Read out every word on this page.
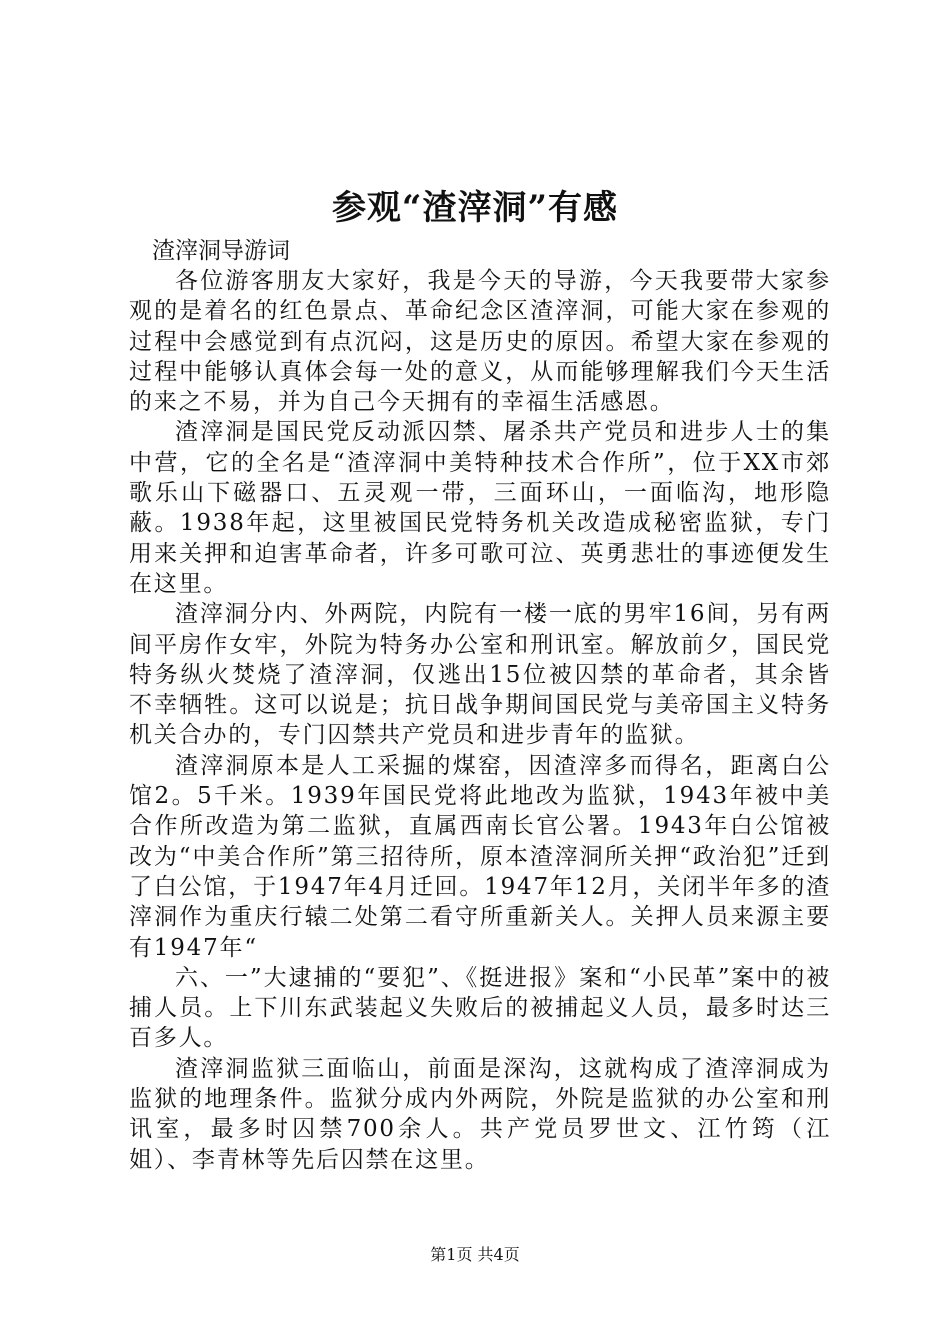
参观“渣滓洞”有感

渣滓洞导游词

各位游客朋友大家好，我是今天的导游，今天我要带大家参观的是着名的红色景点、革命纪念区渣滓洞，可能大家在参观的过程中会感觉到有点沉闷，这是历史的原因。希望大家在参观的过程中能够认真体会每一处的意义，从而能够理解我们今天生活的来之不易，并为自己今天拥有的幸福生活感恩。

渣滓洞是国民党反动派囚禁、屠杀共产党员和进步人士的集中营，它的全名是“渣滓洞中美特种技术合作所”，位于XX市郊歌乐山下磁器口、五灵观一带，三面环山，一面临沟，地形隐蔽。1938年起，这里被国民党特务机关改造成秘密监狱，专门用来关押和迫害革命者，许多可歌可泣、英勇悲壮的事迹便发生在这里。

渣滓洞分内、外两院，内院有一楼一底的男牢16间，另有两间平房作女牢，外院为特务办公室和刑讯室。解放前夕，国民党特务纵火焚烧了渣滓洞，仅逃出15位被囚禁的革命者，其余皆不幸牺牲。这可以说是；抗日战争期间国民党与美帝国主义特务机关合办的，专门囚禁共产党员和进步青年的监狱。

渣滓洞原本是人工采掘的煤窑，因渣滓多而得名，距离白公馆2。5千米。1939年国民党将此地改为监狱，1943年被中美合作所改造为第二监狱，直属西南长官公署。1943年白公馆被改为“中美合作所”第三招待所，原本渣滓洞所关押“政治犯”迁到了白公馆，于1947年4月迁回。1947年12月，关闭半年多的渣滓洞作为重庆行辕二处第二看守所重新关人。关押人员来源主要有1947年“

六、一”大逮捕的“要犯”、《挺进报》案和“小民革”案中的被捕人员。上下川东武装起义失败后的被捕起义人员，最多时达三百多人。

渣滓洞监狱三面临山，前面是深沟，这就构成了渣滓洞成为监狱的地理条件。监狱分成内外两院，外院是监狱的办公室和刑讯室，最多时囚禁700余人。共产党员罗世文、江竹筠（江姐）、李青林等先后囚禁在这里。

第1页 共4页
